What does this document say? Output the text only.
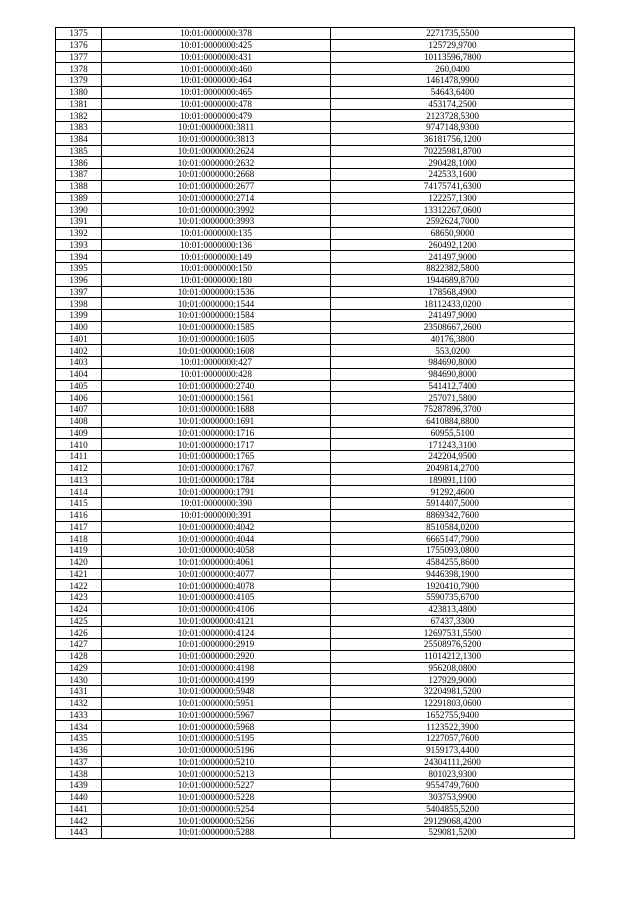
1375	10:01:0000000:378	2271735,5500
1376	10:01:0000000:425	125729,9700
1377	10:01:0000000:431	10113596,7800
1378	10:01:0000000:460	260,0400
1379	10:01:0000000:464	1461478,9900
1380	10:01:0000000:465	54643,6400
1381	10:01:0000000:478	453174,2500
1382	10:01:0000000:479	2123728,5300
1383	10:01:0000000:3811	9747148,9300
1384	10:01:0000000:3813	36181756,1200
1385	10:01:0000000:2624	70225981,8700
1386	10:01:0000000:2632	290428,1000
1387	10:01:0000000:2668	242533,1600
1388	10:01:0000000:2677	74175741,6300
1389	10:01:0000000:2714	122257,1300
1390	10:01:0000000:3992	13312267,0600
1391	10:01:0000000:3993	2592624,7000
1392	10:01:0000000:135	68650,9000
1393	10:01:0000000:136	260492,1200
1394	10:01:0000000:149	241497,9000
1395	10:01:0000000:150	8822382,5800
1396	10:01:0000000:180	1944689,8700
1397	10:01:0000000:1536	178568,4900
1398	10:01:0000000:1544	18112433,0200
1399	10:01:0000000:1584	241497,9000
1400	10:01:0000000:1585	23508667,2600
1401	10:01:0000000:1605	40176,3800
1402	10:01:0000000:1608	553,0200
1403	10:01:0000000:427	984690,8000
1404	10:01:0000000:428	984690,8000
1405	10:01:0000000:2740	541412,7400
1406	10:01:0000000:1561	257071,5800
1407	10:01:0000000:1688	75287896,3700
1408	10:01:0000000:1691	6410884,8800
1409	10:01:0000000:1716	60955,5100
1410	10:01:0000000:1717	171243,3100
1411	10:01:0000000:1765	242204,9500
1412	10:01:0000000:1767	2049814,2700
1413	10:01:0000000:1784	189891,1100
1414	10:01:0000000:1791	91292,4600
1415	10:01:0000000:390	5914407,5000
1416	10:01:0000000:391	8869342,7600
1417	10:01:0000000:4042	8510584,0200
1418	10:01:0000000:4044	6665147,7900
1419	10:01:0000000:4058	1755093,0800
1420	10:01:0000000:4061	4584255,8600
1421	10:01:0000000:4077	9446398,1900
1422	10:01:0000000:4078	1920410,7900
1423	10:01:0000000:4105	5590735,6700
1424	10:01:0000000:4106	423813,4800
1425	10:01:0000000:4121	67437,3300
1426	10:01:0000000:4124	12697531,5500
1427	10:01:0000000:2919	25508976,5200
1428	10:01:0000000:2920	11014212,1300
1429	10:01:0000000:4198	956208,0800
1430	10:01:0000000:4199	127929,9000
1431	10:01:0000000:5948	32204981,5200
1432	10:01:0000000:5951	12291803,0600
1433	10:01:0000000:5967	1652755,9400
1434	10:01:0000000:5968	1123522,3900
1435	10:01:0000000:5195	1227057,7600
1436	10:01:0000000:5196	9159173,4400
1437	10:01:0000000:5210	24304111,2600
1438	10:01:0000000:5213	801023,9300
1439	10:01:0000000:5227	9554749,7600
1440	10:01:0000000:5228	303753,9900
1441	10:01:0000000:5254	5404855,5200
1442	10:01:0000000:5256	29129068,4200
1443	10:01:0000000:5288	529081,5200
